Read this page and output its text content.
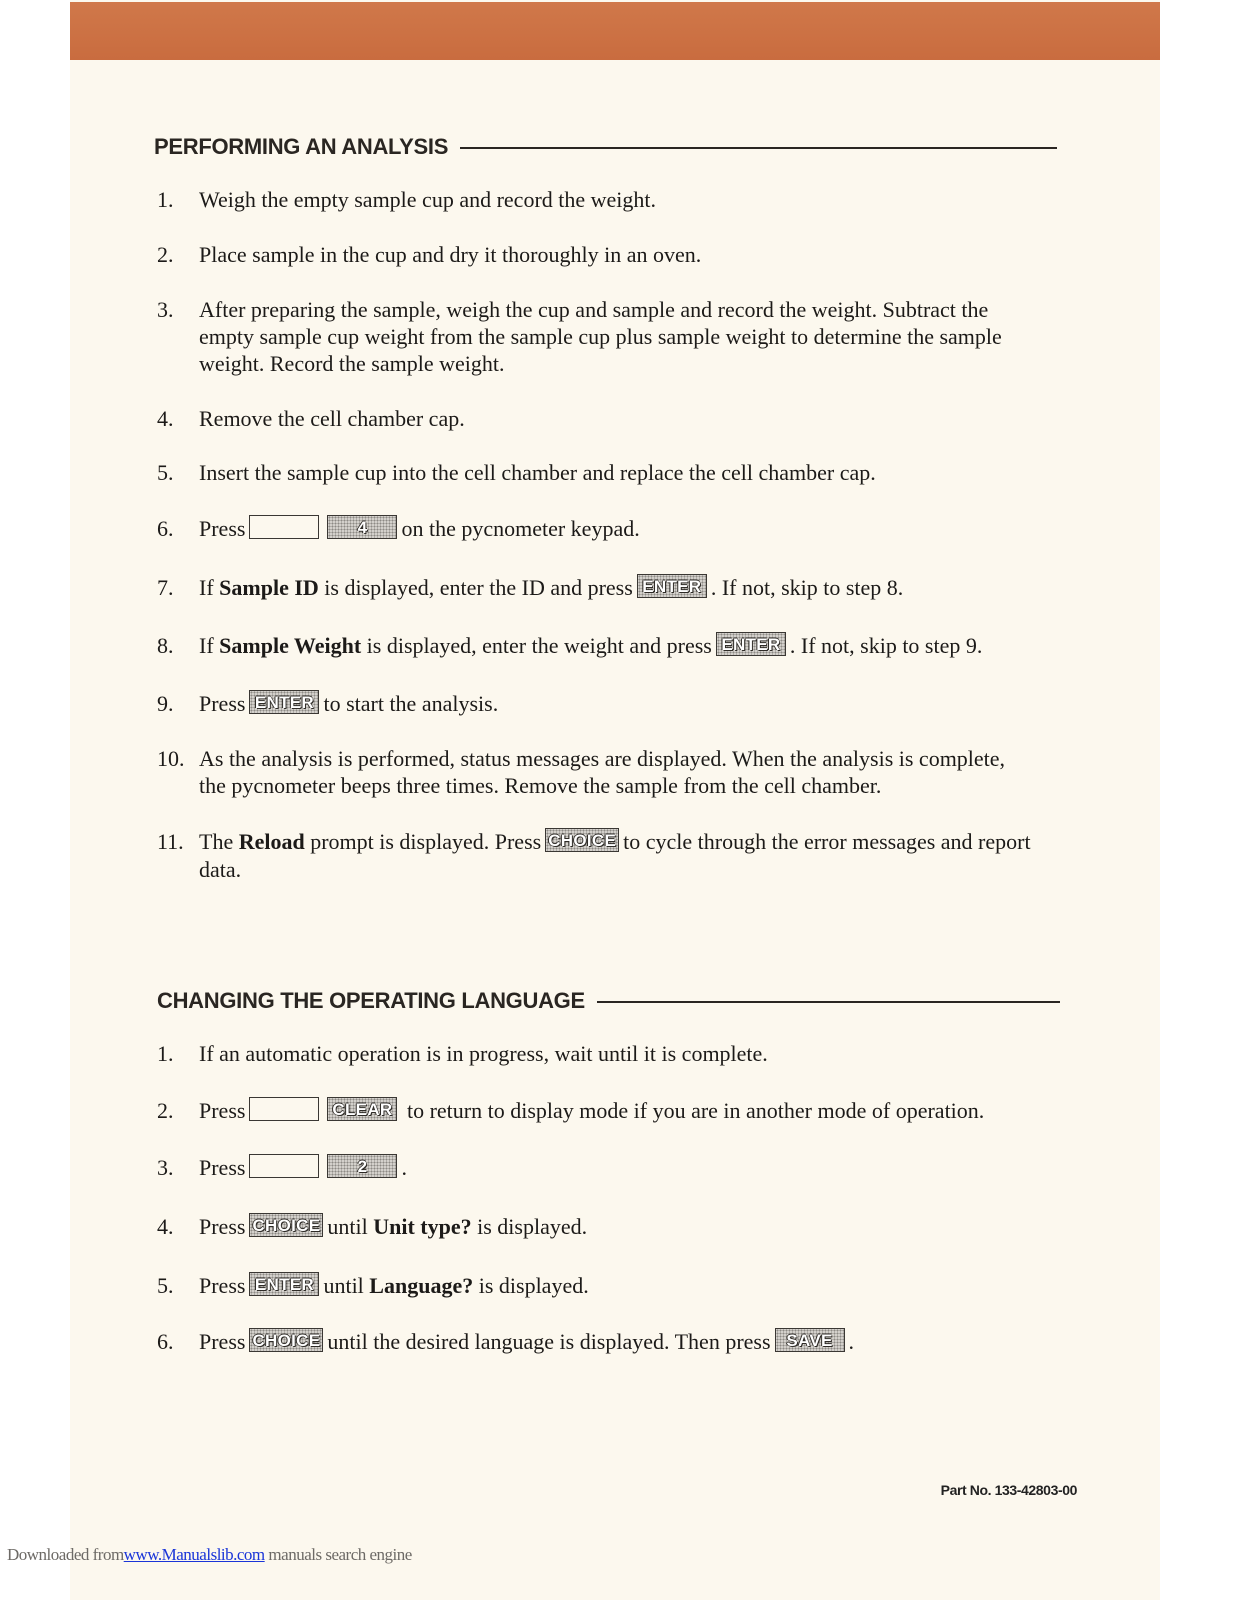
PERFORMING AN ANALYSIS
1. Weigh the empty sample cup and record the weight.
2. Place sample in the cup and dry it thoroughly in an oven.
3. After preparing the sample, weigh the cup and sample and record the weight. Subtract the empty sample cup weight from the sample cup plus sample weight to determine the sample weight. Record the sample weight.
4. Remove the cell chamber cap.
5. Insert the sample cup into the cell chamber and replace the cell chamber cap.
6. Press	4 on the pycnometer keypad.
7. If Sample ID is displayed, enter the ID and press ENTER . If not, skip to step 8.
8. If Sample Weight is displayed, enter the weight and press ENTER . If not, skip to step 9.
9. Press ENTER to start the analysis.
10. As the analysis is performed, status messages are displayed. When the analysis is complete, the pycnometer beeps three times. Remove the sample from the cell chamber.
11. The Reload prompt is displayed. Press CHOICE to cycle through the error messages and report data.
CHANGING THE OPERATING LANGUAGE
1. If an automatic operation is in progress, wait until it is complete.
2. Press	CLEAR to return to display mode if you are in another mode of operation.
3. Press	2 .
4. Press CHOICE until Unit type? is displayed.
5. Press ENTER until Language? is displayed.
6. Press CHOICE until the desired language is displayed. Then press SAVE .
Part No. 133-42803-00
Downloaded fromwww.Manualslib.com manuals search engine
